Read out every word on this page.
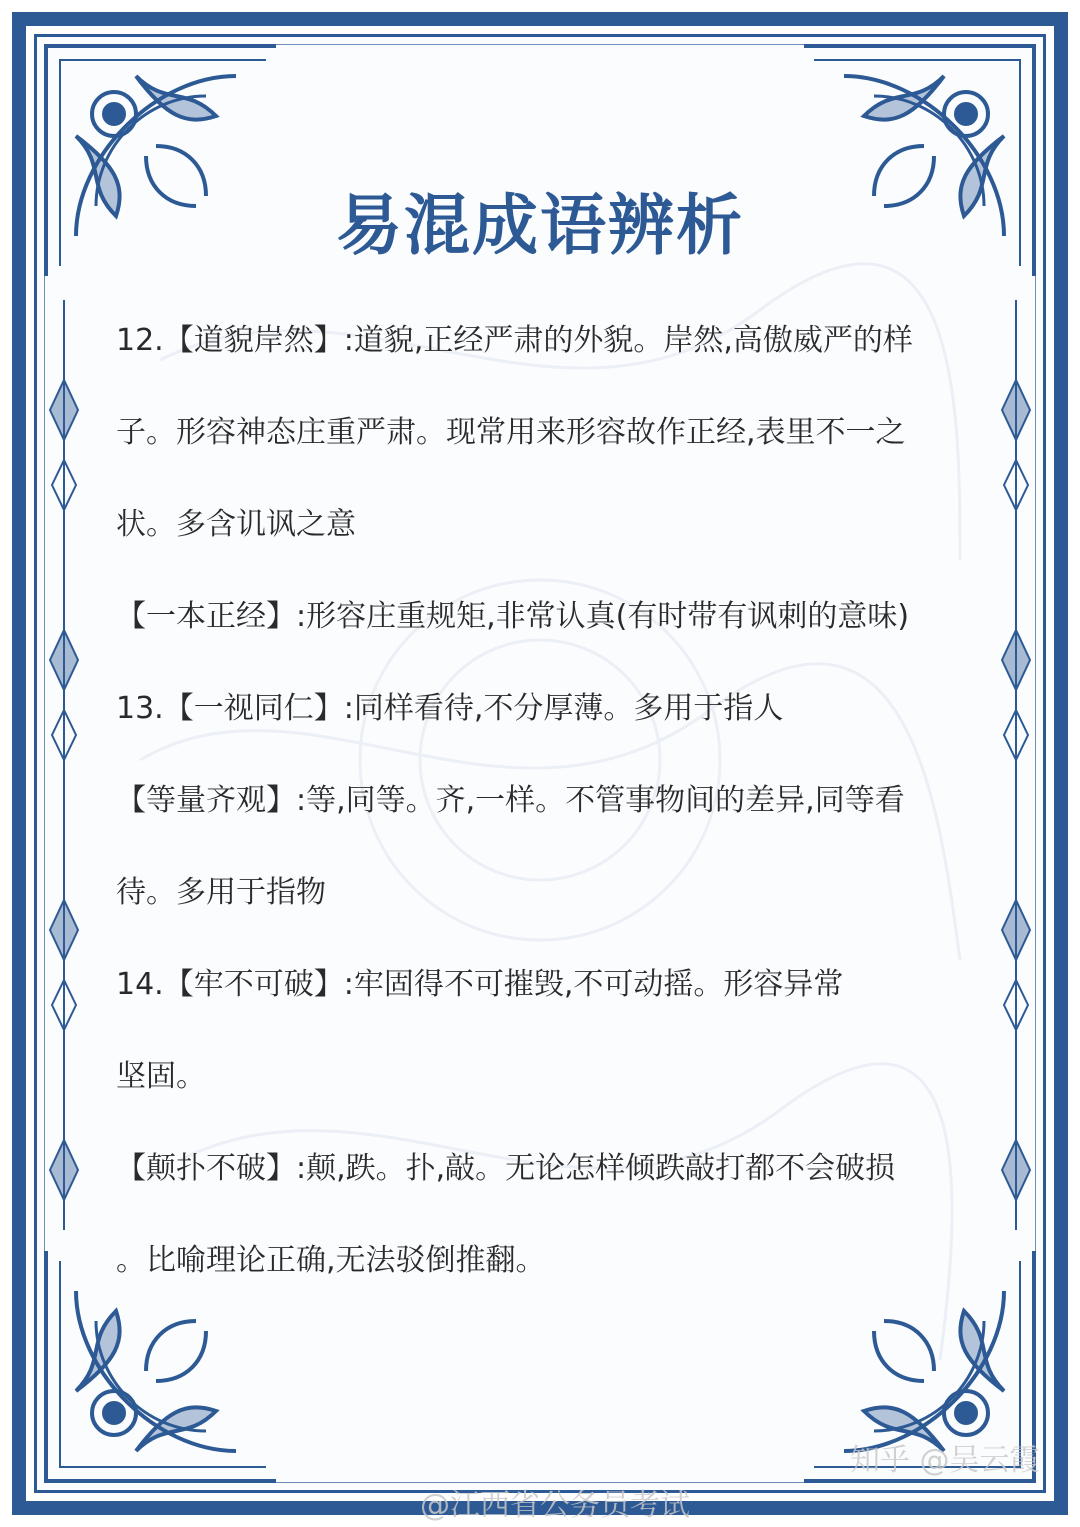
易混成语辨析

12.【道貌岸然】:道貌,正经严肃的外貌。岸然,高傲威严的样

子。形容神态庄重严肃。现常用来形容故作正经,表里不一之

状。多含讥讽之意

【一本正经】:形容庄重规矩,非常认真(有时带有讽刺的意味)

13.【一视同仁】:同样看待,不分厚薄。多用于指人

【等量齐观】:等,同等。齐,一样。不管事物间的差异,同等看

待。多用于指物

14.【牢不可破】:牢固得不可摧毁,不可动摇。形容异常

坚固。

【颠扑不破】:颠,跌。扑,敲。无论怎样倾跌敲打都不会破损

。比喻理论正确,无法驳倒推翻。

知乎 @吴云霞
@江西省公务员考试
